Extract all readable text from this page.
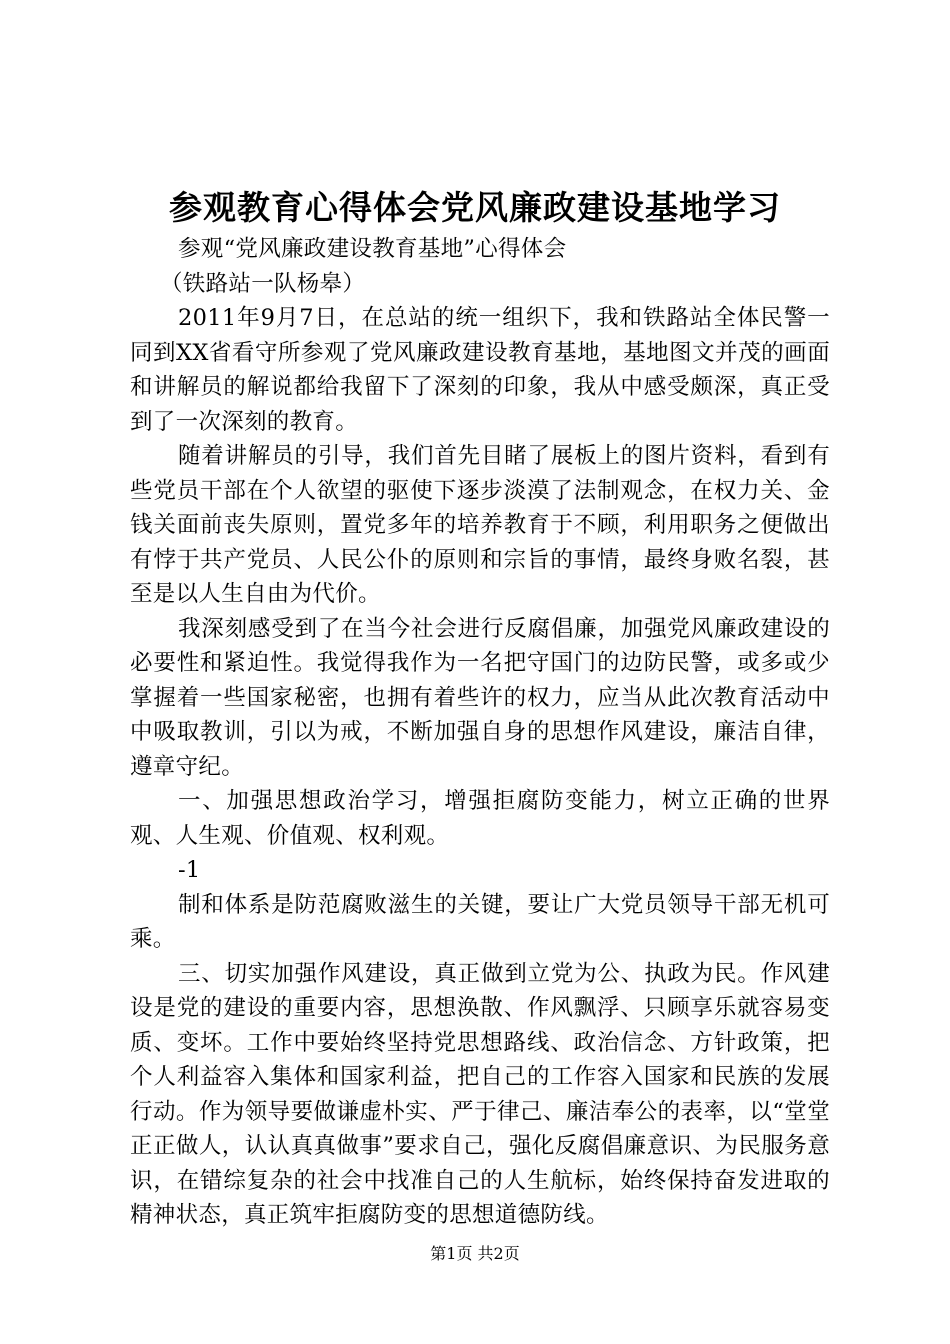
参观教育心得体会党风廉政建设基地学习

参观“党风廉政建设教育基地”心得体会

（铁路站一队杨皋）

2011年9月7日，在总站的统一组织下，我和铁路站全体民警一同到XX省看守所参观了党风廉政建设教育基地，基地图文并茂的画面和讲解员的解说都给我留下了深刻的印象，我从中感受颇深，真正受到了一次深刻的教育。

随着讲解员的引导，我们首先目睹了展板上的图片资料，看到有些党员干部在个人欲望的驱使下逐步淡漠了法制观念，在权力关、金钱关面前丧失原则，置党多年的培养教育于不顾，利用职务之便做出有悖于共产党员、人民公仆的原则和宗旨的事情，最终身败名裂，甚至是以人生自由为代价。

我深刻感受到了在当今社会进行反腐倡廉，加强党风廉政建设的必要性和紧迫性。我觉得我作为一名把守国门的边防民警，或多或少掌握着一些国家秘密，也拥有着些许的权力，应当从此次教育活动中中吸取教训，引以为戒，不断加强自身的思想作风建设，廉洁自律，遵章守纪。

一、加强思想政治学习，增强拒腐防变能力，树立正确的世界观、人生观、价值观、权利观。

-1

制和体系是防范腐败滋生的关键，要让广大党员领导干部无机可乘。

三、切实加强作风建设，真正做到立党为公、执政为民。作风建设是党的建设的重要内容，思想涣散、作风飘浮、只顾享乐就容易变质、变坏。工作中要始终坚持党思想路线、政治信念、方针政策，把个人利益容入集体和国家利益，把自己的工作容入国家和民族的发展行动。作为领导要做谦虚朴实、严于律己、廉洁奉公的表率，以“堂堂正正做人，认认真真做事”要求自己，强化反腐倡廉意识、为民服务意识，在错综复杂的社会中找准自己的人生航标，始终保持奋发进取的精神状态，真正筑牢拒腐防变的思想道德防线。

第1页 共2页
